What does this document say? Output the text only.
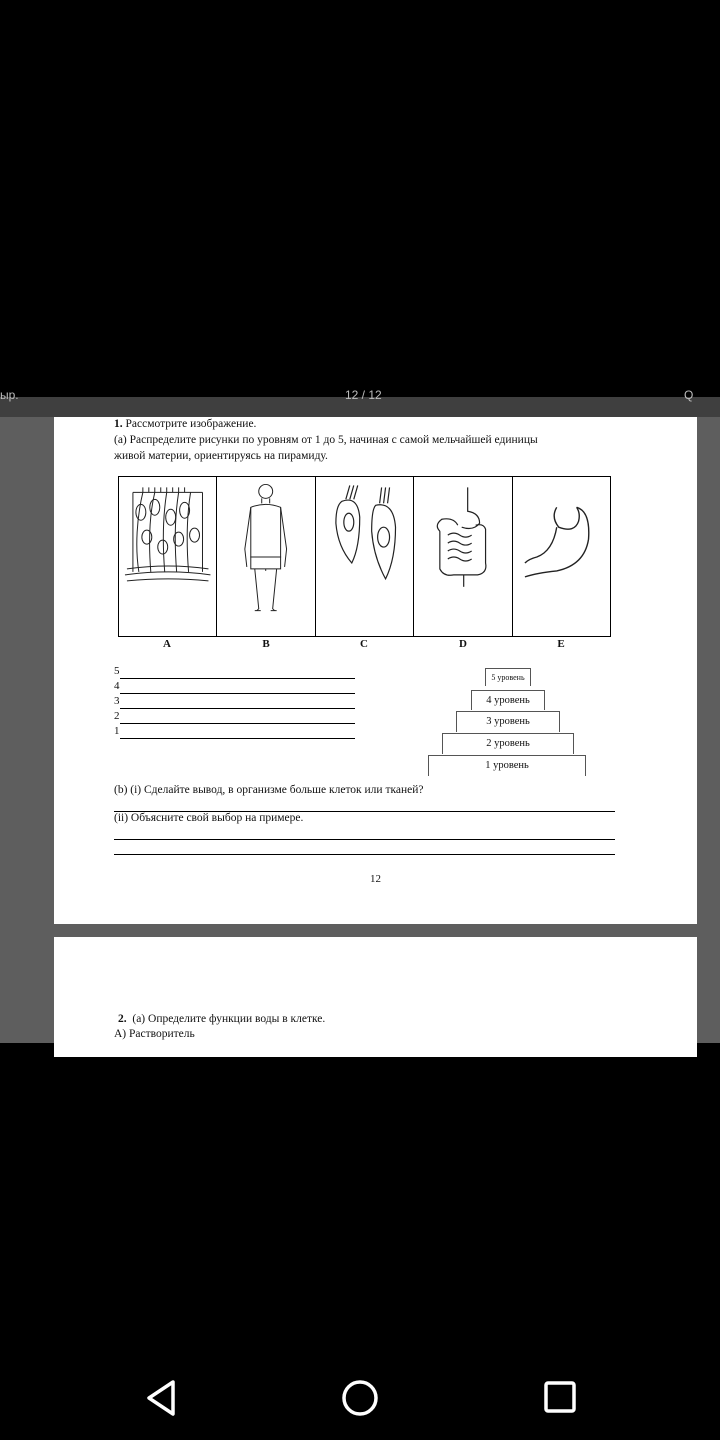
ыр.	12 / 12	Q
1. Рассмотрите изображение.
(a) Распределите рисунки по уровням от 1 до 5, начиная с самой мельчайшей единицы
живой материи, ориентируясь на пирамиду.
A	B	C	D	E
5
4
3
2
1
5 уровень
4 уровень
3 уровень
2 уровень
1 уровень
(b) (i) Сделайте вывод, в организме больше клеток или тканей?
(ii) Объясните свой выбор на примере.
12
2. (a) Определите функции воды в клетке.
A) Растворитель
